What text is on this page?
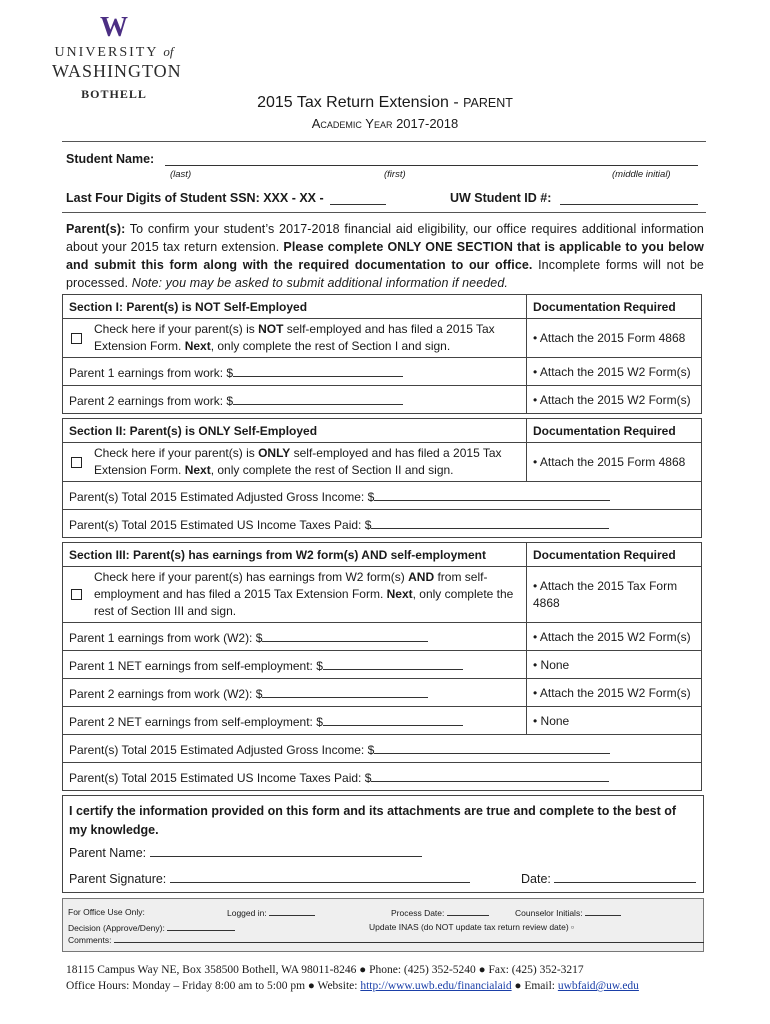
W
UNIVERSITY of
WASHINGTON
BOTHELL	2015 Tax Return Extension - PARENT
Academic Year 2017-2018
Student Name:
(last)	(first)	(middle initial)
Last Four Digits of Student SSN: XXX - XX -	UW Student ID #:
Parent(s): To confirm your student’s 2017-2018 financial aid eligibility, our office requires additional information about your 2015 tax return extension. Please complete ONLY ONE SECTION that is applicable to you below and submit this form along with the required documentation to our office. Incomplete forms will not be processed. Note: you may be asked to submit additional information if needed.
Section I: Parent(s) is NOT Self-Employed	Documentation Required

Check here if your parent(s) is NOT self-employed and has filed a 2015 Tax Extension Form. Next, only complete the rest of Section I and sign.	• Attach the 2015 Form 4868
Parent 1 earnings from work: $	• Attach the 2015 W2 Form(s)
Parent 2 earnings from work: $	• Attach the 2015 W2 Form(s)
Section II: Parent(s) is ONLY Self-Employed	Documentation Required

Check here if your parent(s) is ONLY self-employed and has filed a 2015 Tax Extension Form. Next, only complete the rest of Section II and sign.	• Attach the 2015 Form 4868
Parent(s) Total 2015 Estimated Adjusted Gross Income: $	
Parent(s) Total 2015 Estimated US Income Taxes Paid: $	
Section III: Parent(s) has earnings from W2 form(s) AND self-employment	Documentation Required

Check here if your parent(s) has earnings from W2 form(s) AND from self-employment and has filed a 2015 Tax Extension Form. Next, only complete the rest of Section III and sign.	• Attach the 2015 Tax Form 4868
Parent 1 earnings from work (W2): $	• Attach the 2015 W2 Form(s)
Parent 1 NET earnings from self-employment: $	• None
Parent 2 earnings from work (W2): $	• Attach the 2015 W2 Form(s)
Parent 2 NET earnings from self-employment: $	• None
Parent(s) Total 2015 Estimated Adjusted Gross Income: $	
Parent(s) Total 2015 Estimated US Income Taxes Paid: $	
I certify the information provided on this form and its attachments are true and complete to the best of my knowledge.
Parent Name:
Parent Signature:	Date:
For Office Use Only:	Logged in:	Process Date:	Counselor Initials:
Decision (Approve/Deny):	Update INAS (do NOT update tax return review date) ▫
Comments:
18115 Campus Way NE, Box 358500 Bothell, WA 98011-8246 ● Phone: (425) 352-5240 ● Fax: (425) 352-3217
Office Hours: Monday – Friday 8:00 am to 5:00 pm ● Website: http://www.uwb.edu/financialaid ● Email: uwbfaid@uw.edu
